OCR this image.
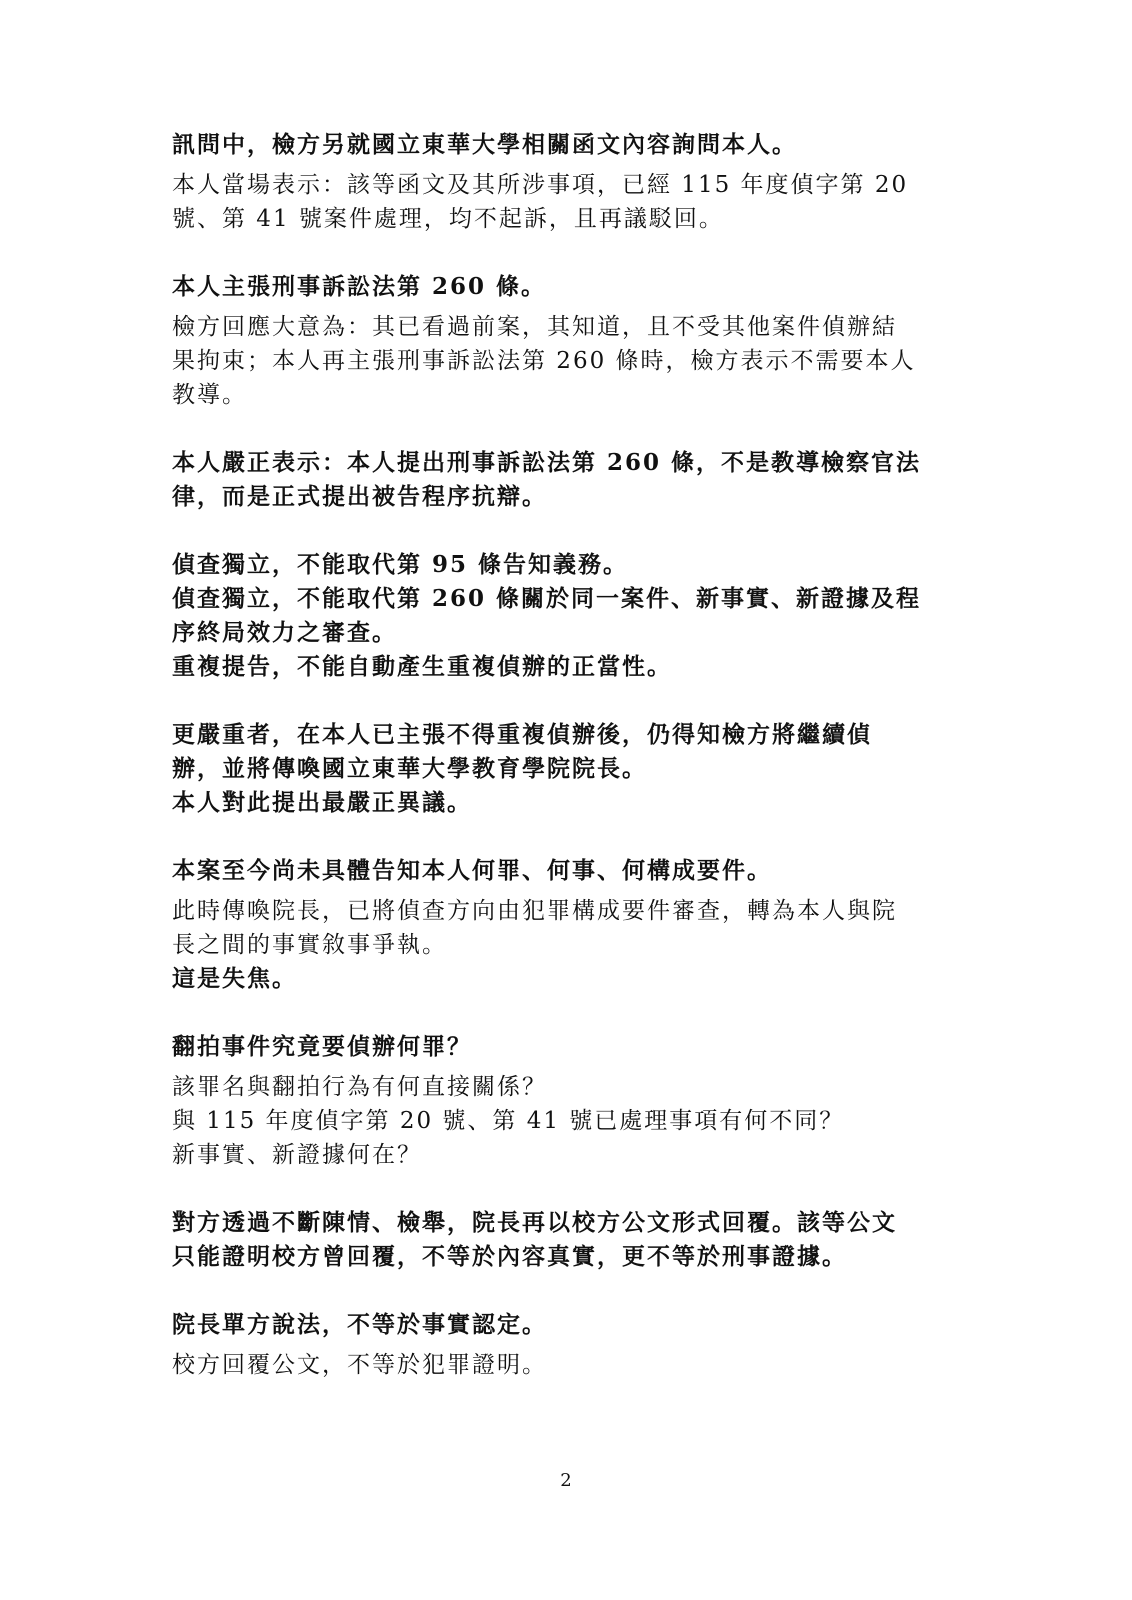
訊問中，檢方另就國立東華大學相關函文內容詢問本人。
本人當場表示：該等函文及其所涉事項，已經 115 年度偵字第 20
號、第 41 號案件處理，均不起訴，且再議駁回。
本人主張刑事訴訟法第 260 條。
檢方回應大意為：其已看過前案，其知道，且不受其他案件偵辦結
果拘束；本人再主張刑事訴訟法第 260 條時，檢方表示不需要本人
教導。
本人嚴正表示：本人提出刑事訴訟法第 260 條，不是教導檢察官法
律，而是正式提出被告程序抗辯。
偵查獨立，不能取代第 95 條告知義務。
偵查獨立，不能取代第 260 條關於同一案件、新事實、新證據及程
序終局效力之審查。
重複提告，不能自動產生重複偵辦的正當性。
更嚴重者，在本人已主張不得重複偵辦後，仍得知檢方將繼續偵
辦，並將傳喚國立東華大學教育學院院長。
本人對此提出最嚴正異議。
本案至今尚未具體告知本人何罪、何事、何構成要件。
此時傳喚院長，已將偵查方向由犯罪構成要件審查，轉為本人與院
長之間的事實敘事爭執。
這是失焦。
翻拍事件究竟要偵辦何罪？
該罪名與翻拍行為有何直接關係？
與 115 年度偵字第 20 號、第 41 號已處理事項有何不同？
新事實、新證據何在？
對方透過不斷陳情、檢舉，院長再以校方公文形式回覆。該等公文
只能證明校方曾回覆，不等於內容真實，更不等於刑事證據。
院長單方說法，不等於事實認定。
校方回覆公文，不等於犯罪證明。
2
